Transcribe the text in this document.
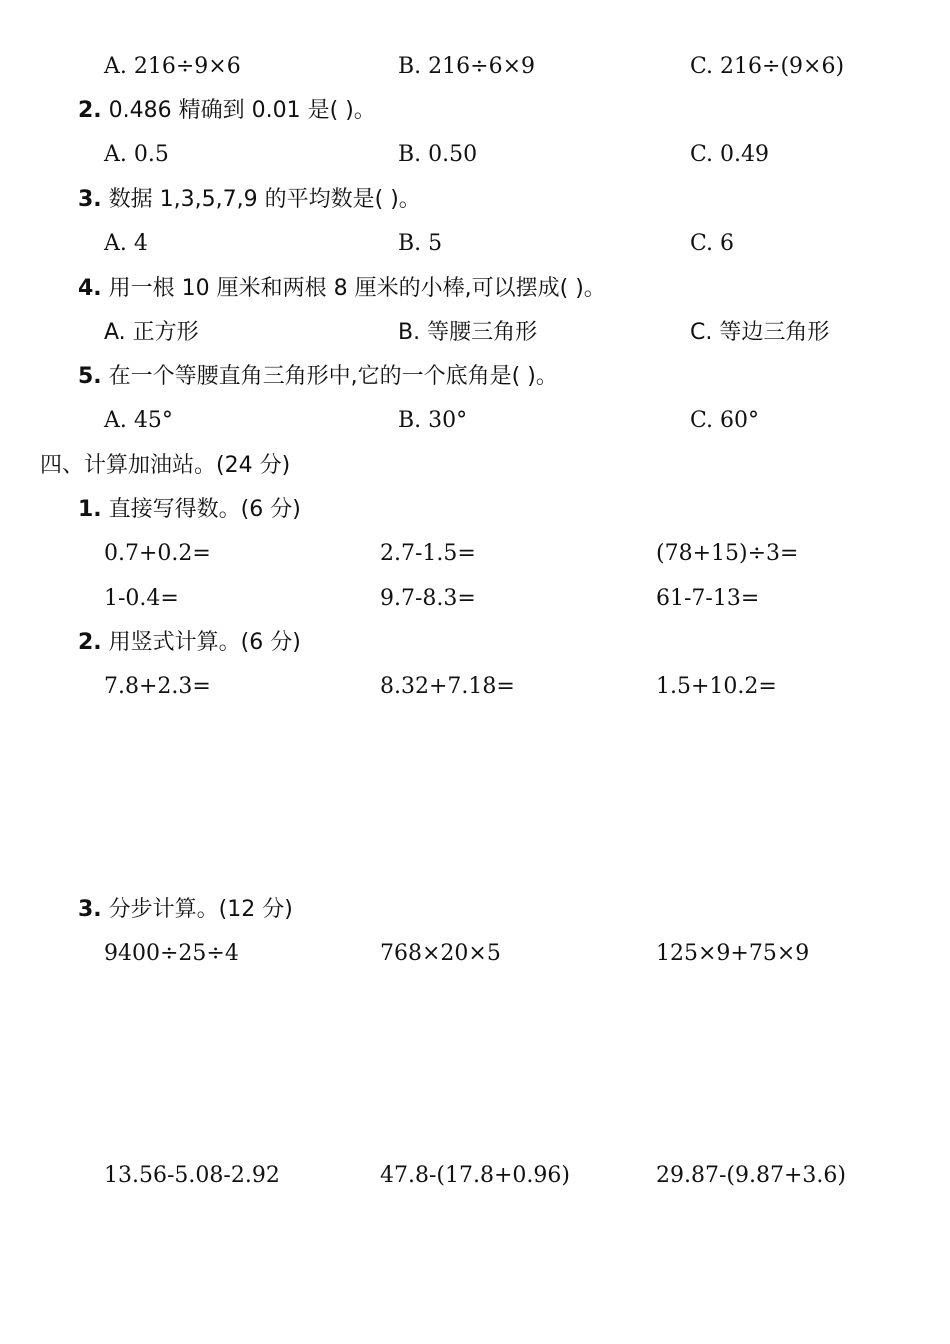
A. 216÷9×6	B. 216÷6×9	C. 216÷(9×6)
2. 0.486 精确到 0.01 是( )。
A. 0.5	B. 0.50	C. 0.49
3. 数据 1,3,5,7,9 的平均数是( )。
A. 4	B. 5	C. 6
4. 用一根 10 厘米和两根 8 厘米的小棒,可以摆成( )。
A. 正方形	B. 等腰三角形	C. 等边三角形
5. 在一个等腰直角三角形中,它的一个底角是( )。
A. 45°	B. 30°	C. 60°
四、计算加油站。(24 分)
1. 直接写得数。(6 分)
0.7+0.2=	2.7-1.5=	(78+15)÷3=
1-0.4=	9.7-8.3=	61-7-13=
2. 用竖式计算。(6 分)
7.8+2.3=	8.32+7.18=	1.5+10.2=
3. 分步计算。(12 分)
9400÷25÷4	768×20×5	125×9+75×9
13.56-5.08-2.92	47.8-(17.8+0.96)	29.87-(9.87+3.6)
